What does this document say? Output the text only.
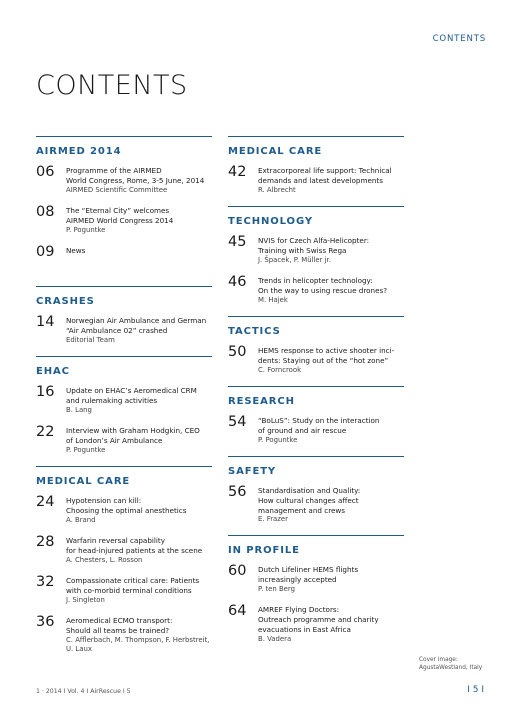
CONTENTS
CONTENTS
AIRMED 2014
06 Programme of the AIRMED
World Congress, Rome, 3-5 June, 2014
AIRMED Scientific Committee
08 The “Eternal City” welcomes
AIRMED World Congress 2014
P. Poguntke
09 News
CRASHES
14 Norwegian Air Ambulance and German
“Air Ambulance 02” crashed
Editorial Team
EHAC
16 Update on EHAC’s Aeromedical CRM
and rulemaking activities
B. Lang
22 Interview with Graham Hodgkin, CEO
of London’s Air Ambulance
P. Poguntke
MEDICAL CARE
24 Hypotension can kill:
Choosing the optimal anesthetics
A. Brand
28 Warfarin reversal capability
for head-injured patients at the scene
A. Chesters, L. Rosson
32 Compassionate critical care: Patients
with co-morbid terminal conditions
J. Singleton
36 Aeromedical ECMO transport:
Should all teams be trained?
C. Afflerbach, M. Thompson, F. Herbstreit, U. Laux
MEDICAL CARE
42 Extracorporeal life support: Technical
demands and latest developments
R. Albrecht
TECHNOLOGY
45 NVIS for Czech Alfa-Helicopter:
Training with Swiss Rega
J. Špacek, P. Müller jr.
46 Trends in helicopter technology:
On the way to using rescue drones?
M. Hajek
TACTICS
50 HEMS response to active shooter inci-
dents: Staying out of the “hot zone”
C. Forncrook
RESEARCH
54 “BoLuS”: Study on the interaction
of ground and air rescue
P. Poguntke
SAFETY
56 Standardisation and Quality:
How cultural changes affect
management and crews
E. Frazer
IN PROFILE
60 Dutch Lifeliner HEMS flights
increasingly accepted
P. ten Berg
64 AMREF Flying Doctors:
Outreach programme and charity
evacuations in East Africa
B. Vadera
Cover image:
AgustaWestland, Italy
1 · 2014 I Vol. 4 I AirRescue I 5	I 5 I
